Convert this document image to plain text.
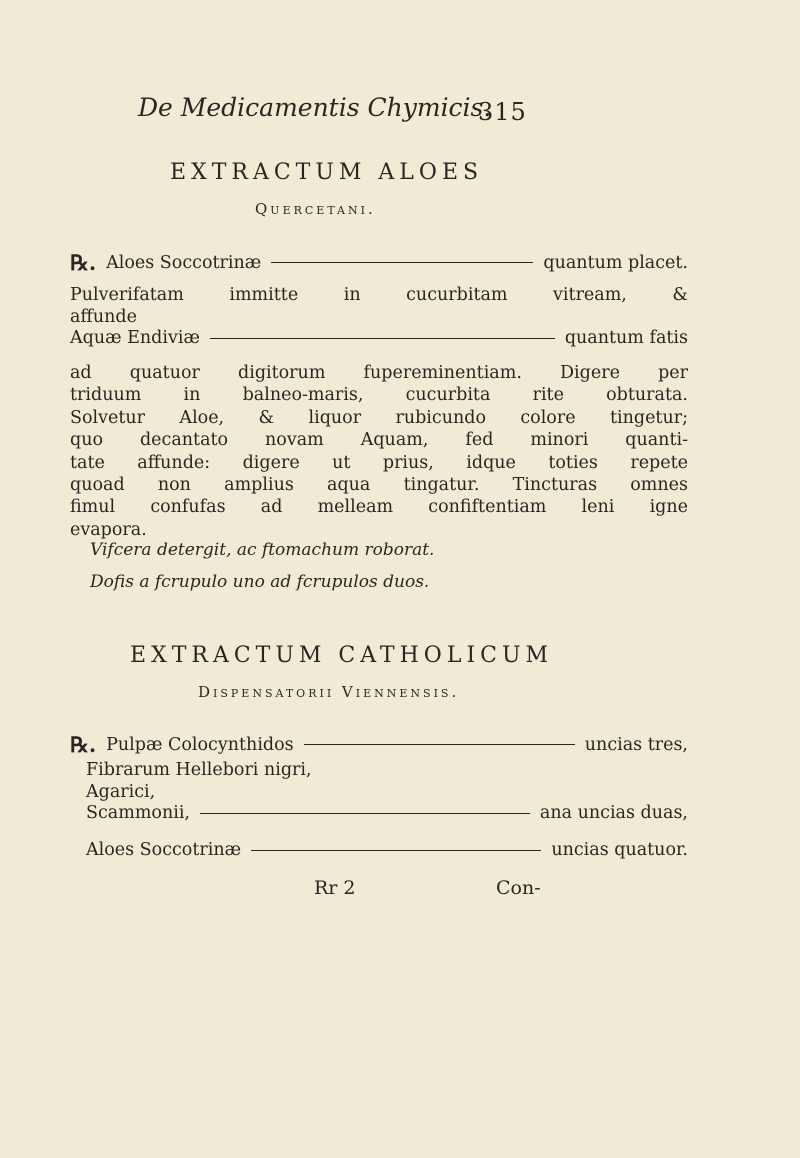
De Medicamentis Chymicis.
315
EXTRACTUM ALOES
Quercetani.
℞. Aloes Soccotrinæ	quantum placet.
Pulverifatam immitte in cucurbitam vitream, &
affunde
Aquæ Endiviæ	quantum fatis
ad quatuor digitorum fupereminentiam. Digere per
triduum in balneo-maris, cucurbita rite obturata.
Solvetur Aloe, & liquor rubicundo colore tingetur;
quo decantato novam Aquam, fed minori quanti-
tate affunde: digere ut prius, idque toties repete
quoad non amplius aqua tingatur. Tincturas omnes
fimul confufas ad melleam confiftentiam leni igne
evapora.
Vifcera detergit, ac ftomachum roborat.
Dofis a fcrupulo uno ad fcrupulos duos.
EXTRACTUM CATHOLICUM
Dispensatorii Viennensis.
℞. Pulpæ Colocynthidos	uncias tres,
Fibrarum Hellebori nigri,
Agarici,
Scammonii,	ana uncias duas,
Aloes Soccotrinæ	uncias quatuor.
Rr 2	Con-
